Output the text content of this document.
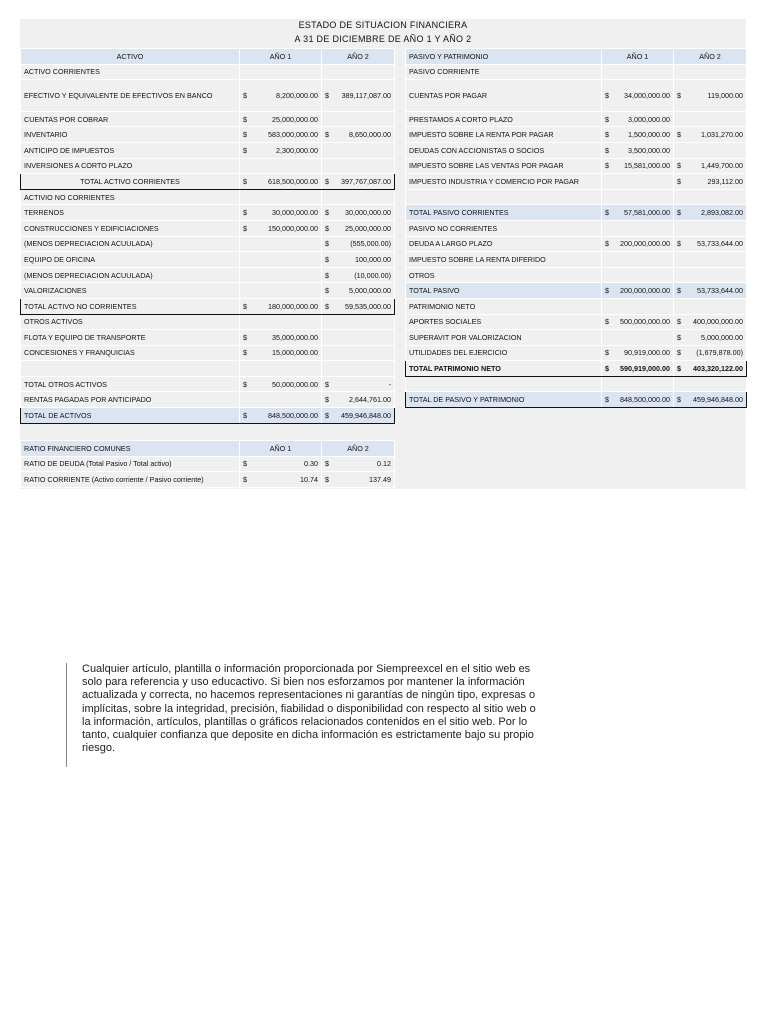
ESTADO DE SITUACION FINANCIERA
A 31 DE DICIEMBRE DE AÑO 1 Y AÑO 2
ACTIVO	AÑO 1	AÑO 2
ACTIVO CORRIENTES		
EFECTIVO Y EQUIVALENTE DE EFECTIVOS EN BANCO	$ 8,200,000.00	$ 389,117,087.00

CUENTAS POR COBRAR	$ 25,000,000.00	

INVENTARIO	$ 583,000,000.00	$ 8,650,000.00

ANTICIPO DE IMPUESTOS	$ 2,300,000.00	

INVERSIONES A CORTO PLAZO		
TOTAL ACTIVO CORRIENTES	$ 618,500,000.00	$ 397,767,087.00

ACTIVIO NO CORRIENTES		
TERRENOS	$ 30,000,000.00	$ 30,000,000.00

CONSTRUCCIONES Y EDIFICIACIONES	$ 150,000,000.00	$ 25,000,000.00

(MENOS DEPRECIACION ACUULADA)		$ (555,000.00)

EQUIPO DE OFICINA		$ 100,000.00

(MENOS DEPRECIACION ACUULADA)		$ (10,000.00)

VALORIZACIONES		$ 5,000,000.00

TOTAL ACTIVO NO CORRIENTES	$ 180,000,000.00	$ 59,535,000.00

OTROS ACTIVOS		
FLOTA Y EQUIPO DE TRANSPORTE	$ 35,000,000.00	

CONCESIONES Y FRANQUICIAS	$ 15,000,000.00	

TOTAL OTROS ACTIVOS	$ 50,000,000.00	$ -

RENTAS PAGADAS POR ANTICIPADO		$ 2,644,761.00

TOTAL DE ACTIVOS	$ 848,500,000.00	$ 459,946,848.00
PASIVO Y PATRIMONIO	AÑO 1	AÑO 2
PASIVO CORRIENTE		
CUENTAS POR PAGAR	$ 34,000,000.00	$ 119,000.00

PRESTAMOS A CORTO PLAZO	$ 3,000,000.00	

IMPUESTO SOBRE LA RENTA POR PAGAR	$ 1,500,000.00	$ 1,031,270.00

DEUDAS CON ACCIONISTAS O SOCIOS	$ 3,500,000.00	

IMPUESTO SOBRE LAS VENTAS POR PAGAR	$ 15,581,000.00	$ 1,449,700.00

IMPUESTO INDUSTRIA Y COMERCIO POR PAGAR		$ 293,112.00

TOTAL PASIVO CORRIENTES	$ 57,581,000.00	$ 2,893,082.00

PASIVO NO CORRIENTES		
DEUDA A LARGO PLAZO	$ 200,000,000.00	$ 53,733,644.00

IMPUESTO SOBRE LA RENTA DIFERIDO		
OTROS		
TOTAL PASIVO	$ 200,000,000.00	$ 53,733,644.00

PATRIMONIO NETO		
APORTES SOCIALES	$ 500,000,000.00	$ 400,000,000.00

SUPERAVIT POR VALORIZACION		$ 5,000,000.00

UTILIDADES DEL EJERCICIO	$ 90,919,000.00	$ (1,679,878.00)

TOTAL PATRIMONIO NETO	$ 590,919,000.00	$ 403,320,122.00

TOTAL DE PASIVO Y PATRIMONIO	$ 848,500,000.00	$ 459,946,848.00
RATIO FINANCIERO COMUNES	AÑO 1	AÑO 2
RATIO DE DEUDA (Total Pasivo / Total activo)	$ 0.30	$ 0.12

RATIO CORRIENTE (Activo corriente / Pasivo corriente)	$ 10.74	$ 137.49
Cualquier artículo, plantilla o información proporcionada por Siempreexcel en el sitio web es solo para referencia y uso educactivo. Si bien nos esforzamos por mantener la información actualizada y correcta, no hacemos representaciones ni garantías de ningún tipo, expresas o implícitas, sobre la integridad, precisión, fiabilidad o disponibilidad con respecto al sitio web o la información, artículos, plantillas o gráficos relacionados contenidos en el sitio web. Por lo tanto, cualquier confianza que deposite en dicha información es estrictamente bajo su propio riesgo.
